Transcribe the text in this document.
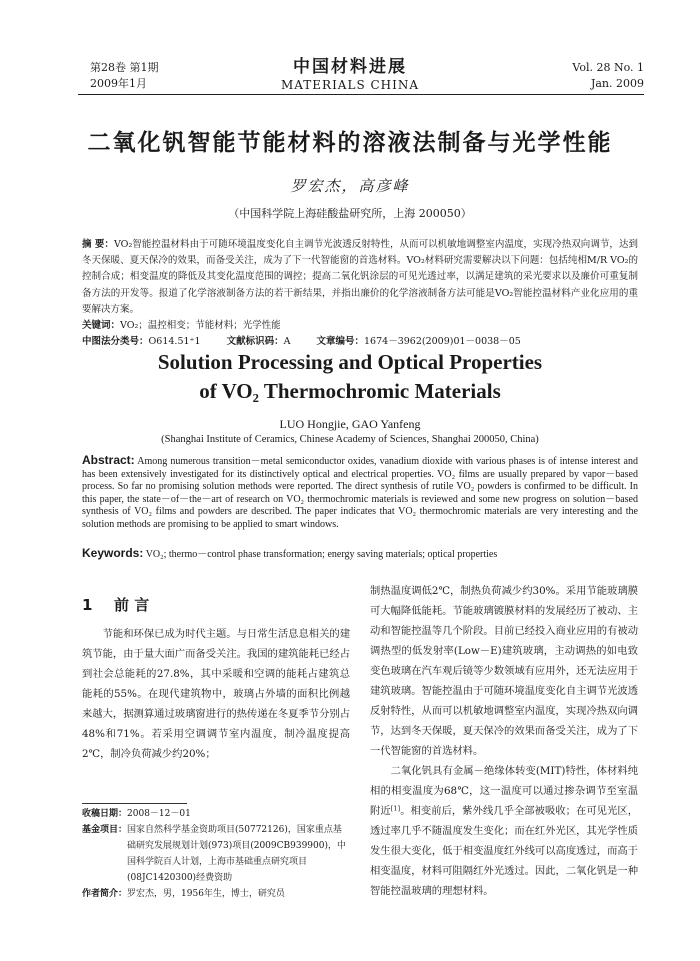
第28卷 第1期
2009年1月
中国材料进展
MATERIALS CHINA
Vol. 28 No. 1
Jan. 2009
二氧化钒智能节能材料的溶液法制备与光学性能
罗宏杰，高彦峰
（中国科学院上海硅酸盐研究所，上海 200050）
摘 要：VO₂智能控温材料由于可随环境温度变化自主调节光波透反射特性，从而可以机敏地调整室内温度，实现冷热双向调节，达到冬天保暖、夏天保冷的效果，而备受关注，成为了下一代智能窗的首选材料。VO₂材料研究需要解决以下问题：包括纯相M/R VO₂的控制合成；相变温度的降低及其变化温度范围的调控；提高二氧化钒涂层的可见光透过率，以满足建筑的采光要求以及廉价可重复制备方法的开发等。报道了化学溶液制备方法的若干新结果，并指出廉价的化学溶液制备方法可能是VO₂智能控温材料产业化应用的重要解决方案。
关键词：VO₂；温控相变；节能材料；光学性能
中图法分类号：O614.51⁺1	文献标识码：A	文章编号：1674－3962(2009)01－0038－05
Solution Processing and Optical Properties
of VO₂ Thermochromic Materials
LUO Hongjie, GAO Yanfeng
(Shanghai Institute of Ceramics, Chinese Academy of Sciences, Shanghai 200050, China)
Abstract: Among numerous transition－metal semiconductor oxides, vanadium dioxide with various phases is of intense interest and has been extensively investigated for its distinctively optical and electrical properties. VO₂ films are usually prepared by vapor－based process. So far no promising solution methods were reported. The direct synthesis of rutile VO₂ powders is confirmed to be difficult. In this paper, the state－of－the－art of research on VO₂ thermochromic materials is reviewed and some new progress on solution－based synthesis of VO₂ films and powders are described. The paper indicates that VO₂ thermochromic materials are very interesting and the solution methods are promising to be applied to smart windows.
Keywords: VO₂; thermo－control phase transformation; energy saving materials; optical properties
1 前 言

节能和环保已成为时代主题。与日常生活息息相关的建筑节能，由于量大面广而备受关注。我国的建筑能耗已经占到社会总能耗的27.8%，其中采暖和空调的能耗占建筑总能耗的55%。在现代建筑物中，玻璃占外墙的面积比例越来越大，据测算通过玻璃窗进行的热传递在冬夏季节分别占48%和71%。若采用空调调节室内温度，制冷温度提高2℃，制冷负荷减少约20%；

制热温度调低2℃，制热负荷减少约30%。采用节能玻璃膜可大幅降低能耗。节能玻璃镀膜材料的发展经历了被动、主动和智能控温等几个阶段。目前已经投入商业应用的有被动调热型的低发射率(Low－E)建筑玻璃，主动调热的如电致变色玻璃在汽车观后镜等少数领域有应用外，还无法应用于建筑玻璃。智能控温由于可随环境温度变化自主调节光波透反射特性，从而可以机敏地调整室内温度，实现冷热双向调节，达到冬天保暖，夏天保冷的效果而备受关注，成为了下一代智能窗的首选材料。

二氧化钒具有金属－绝缘体转变(MIT)特性，体材料纯相的相变温度为68℃，这一温度可以通过掺杂调节至室温附近[1]。相变前后，紫外线几乎全部被吸收；在可见光区，透过率几乎不随温度发生变化；而在红外光区，其光学性质发生很大变化，低于相变温度红外线可以高度透过，而高于相变温度，材料可阻隔红外光透过。因此，二氧化钒是一种智能控温玻璃的理想材料。

收稿日期： 2008－12－01
基金项目： 国家自然科学基金资助项目(50772126)，国家重点基础研究发展规划计划(973)项目(2009CB939900)，中国科学院百人计划，上海市基础重点研究项目(08JC1420300)经费资助
作者简介： 罗宏杰，男，1956年生，博士，研究员
